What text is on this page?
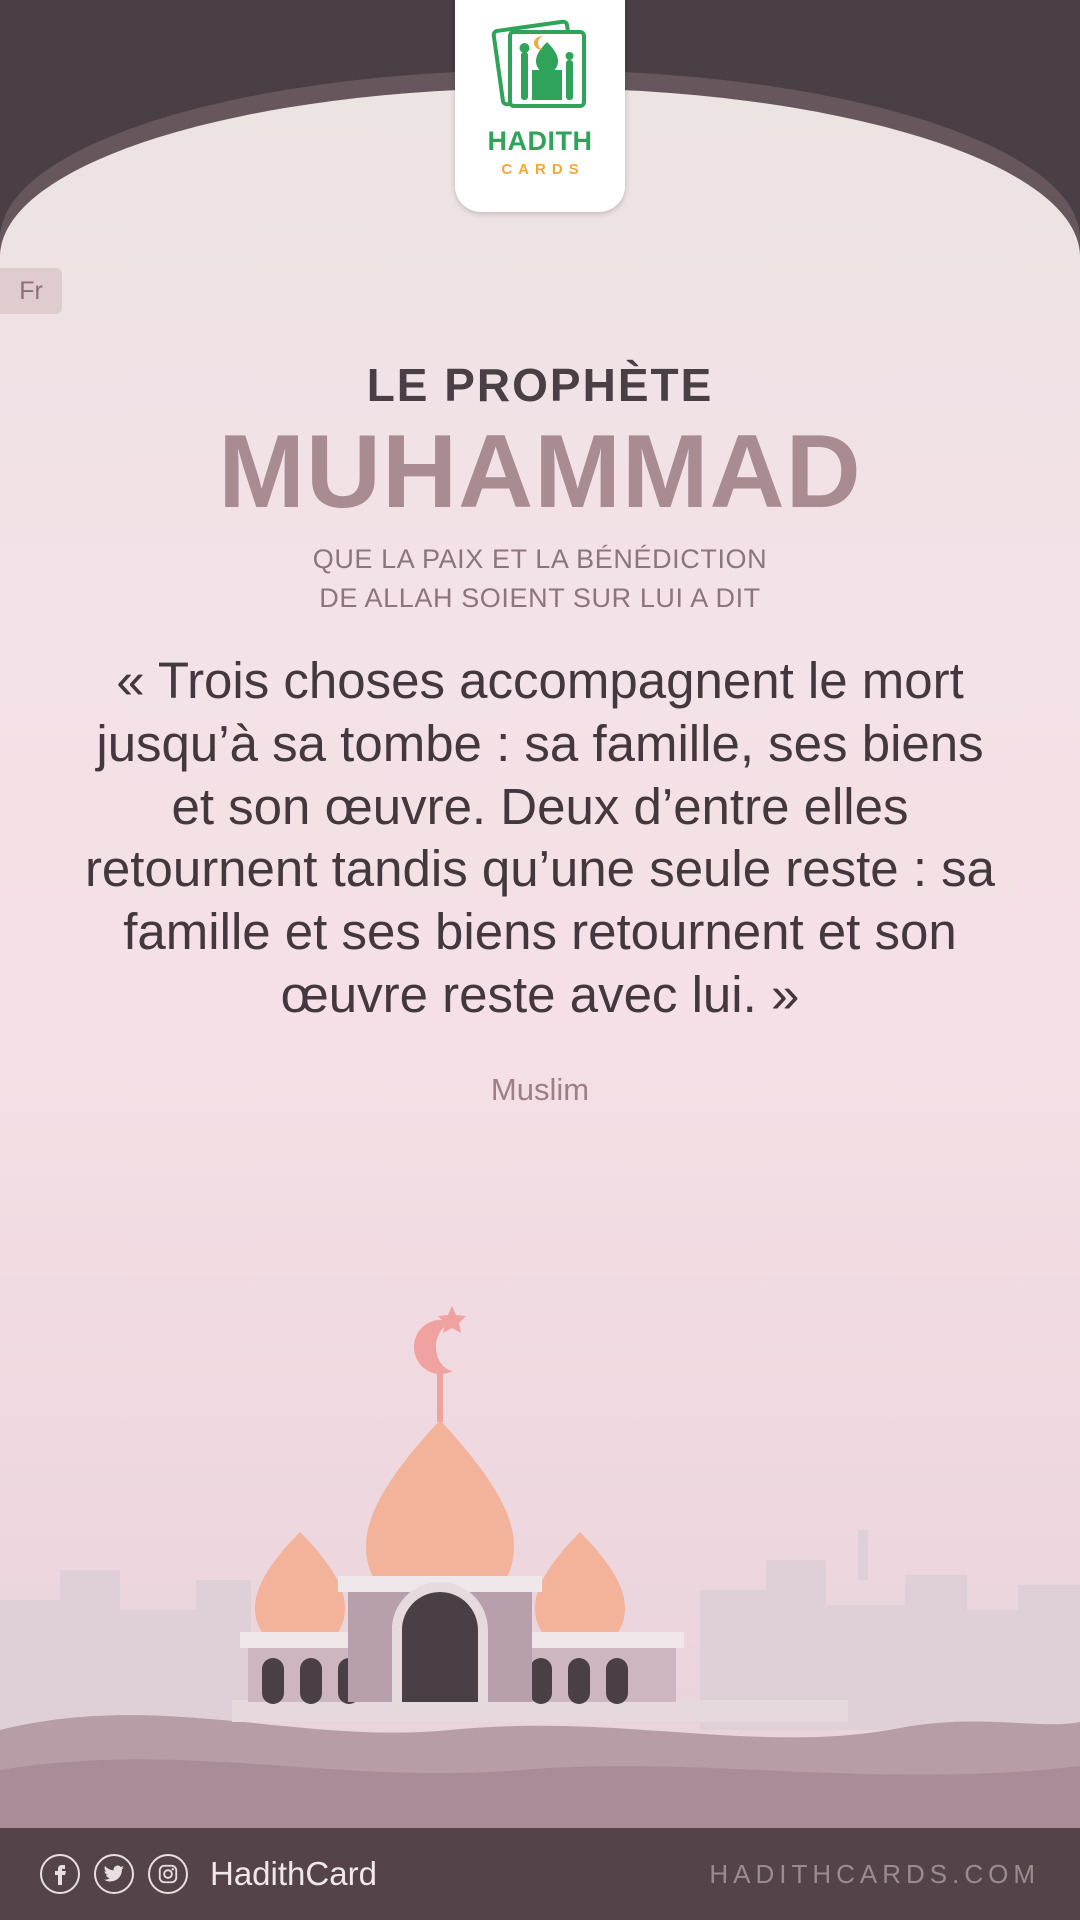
HADITH
CARDS
Fr
LE PROPHÈTE
MUHAMMAD
QUE LA PAIX ET LA BÉNÉDICTION
DE ALLAH SOIENT SUR LUI A DIT
« Trois choses accompagnent le mort jusqu’à sa tombe : sa famille, ses biens et son œuvre. Deux d’entre elles retournent tandis qu’une seule reste : sa famille et ses biens retournent et son œuvre reste avec lui. »
Muslim
HadithCard	HADITHCARDS.COM
